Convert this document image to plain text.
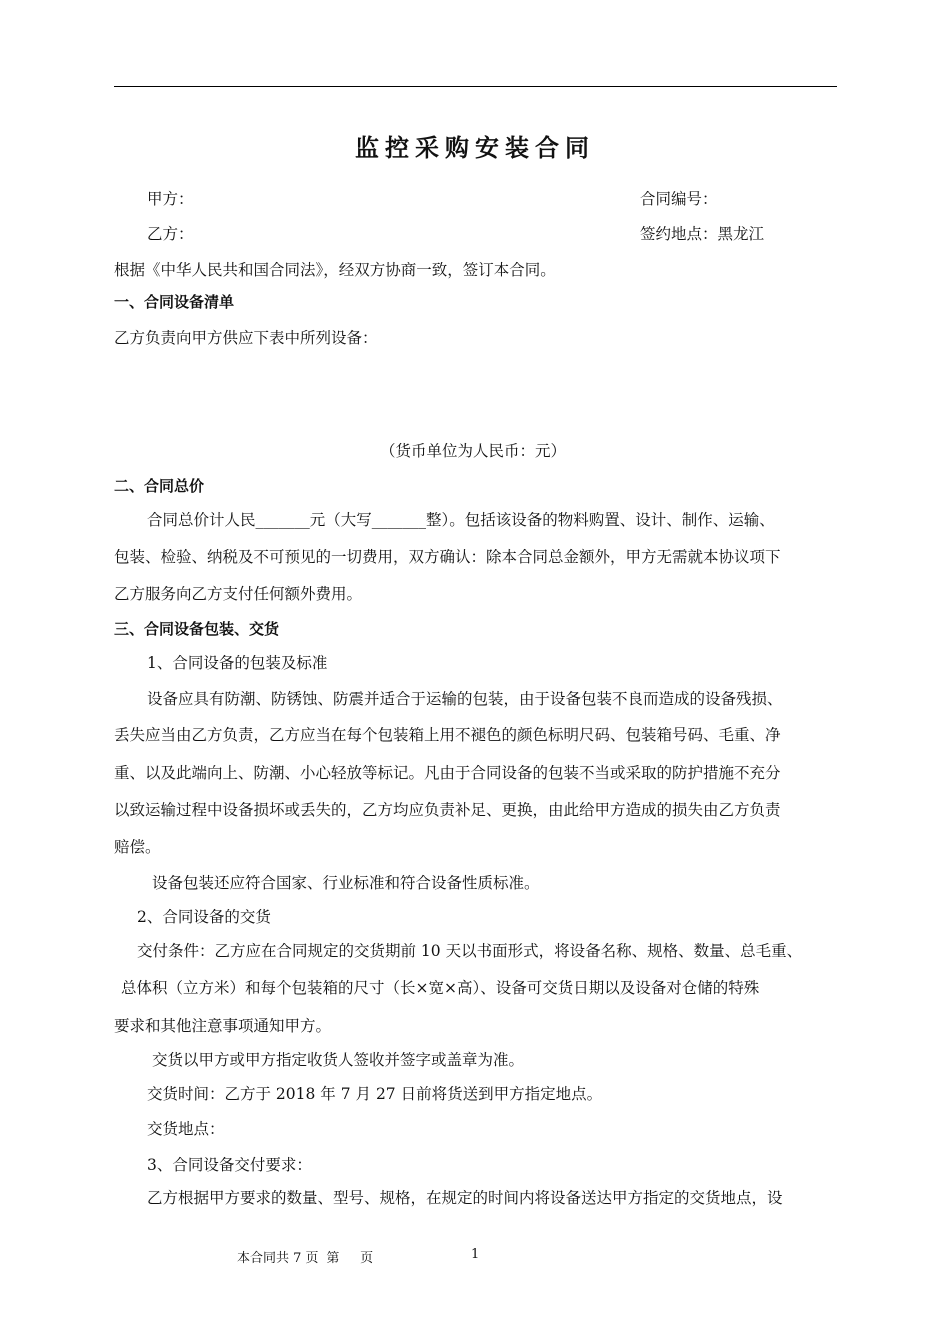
监控采购安装合同
甲方：	合同编号：
乙方：	签约地点：黑龙江
根据《中华人民共和国合同法》，经双方协商一致，签订本合同。
一、合同设备清单
乙方负责向甲方供应下表中所列设备：
（货币单位为人民币：元）
二、合同总价
合同总价计人民_______元（大写_______整）。包括该设备的物料购置、设计、制作、运输、
包装、检验、纳税及不可预见的一切费用，双方确认：除本合同总金额外，甲方无需就本协议项下
乙方服务向乙方支付任何额外费用。
三、合同设备包装、交货
1、合同设备的包装及标准
设备应具有防潮、防锈蚀、防震并适合于运输的包装，由于设备包装不良而造成的设备残损、
丢失应当由乙方负责，乙方应当在每个包装箱上用不褪色的颜色标明尺码、包装箱号码、毛重、净
重、以及此端向上、防潮、小心轻放等标记。凡由于合同设备的包装不当或采取的防护措施不充分
以致运输过程中设备损坏或丢失的，乙方均应负责补足、更换，由此给甲方造成的损失由乙方负责
赔偿。
设备包装还应符合国家、行业标准和符合设备性质标准。
2、合同设备的交货
交付条件：乙方应在合同规定的交货期前 10 天以书面形式，将设备名称、规格、数量、总毛重、
总体积（立方米）和每个包装箱的尺寸（长×宽×高）、设备可交货日期以及设备对仓储的特殊
要求和其他注意事项通知甲方。
交货以甲方或甲方指定收货人签收并签字或盖章为准。
交货时间：乙方于 2018 年 7 月 27 日前将货送到甲方指定地点。
交货地点：
3、合同设备交付要求：
乙方根据甲方要求的数量、型号、规格，在规定的时间内将设备送达甲方指定的交货地点，设
本合同共 7 页 第 页	1
